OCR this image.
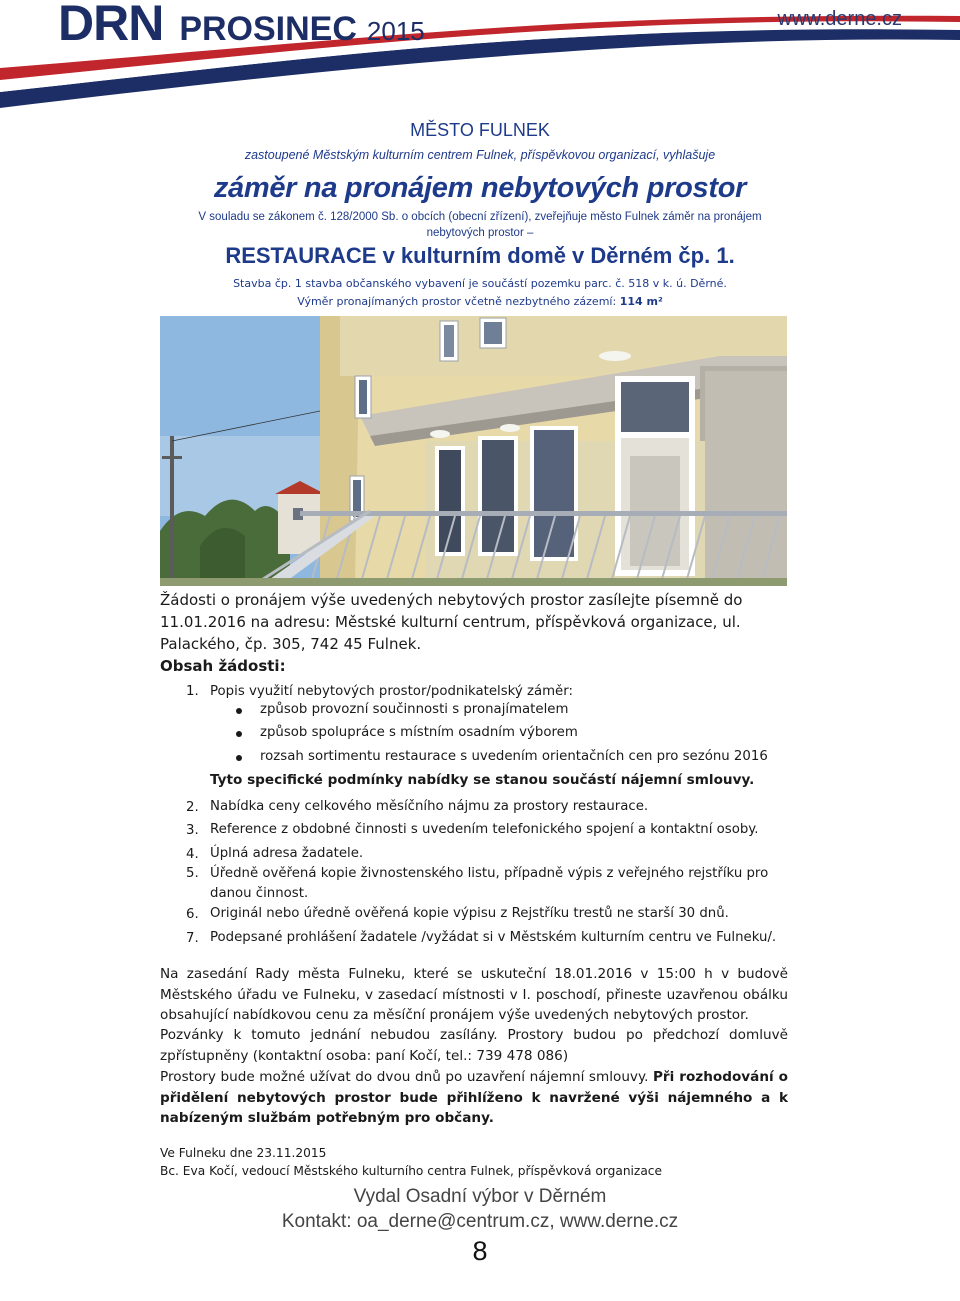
DRN PROSINEC 2015	www.derne.cz
MĚSTO FULNEK
zastoupené Městským kulturním centrem Fulnek, příspěvkovou organizací, vyhlašuje
záměr na pronájem nebytových prostor
V souladu se zákonem č. 128/2000 Sb. o obcích (obecní zřízení), zveřejňuje město Fulnek záměr na pronájem
nebytových prostor –
RESTAURACE v kulturním domě v Děrném čp. 1.
Stavba čp. 1 stavba občanského vybavení je součástí pozemku parc. č. 518 v k. ú. Děrné.
Výměr pronajímaných prostor včetně nezbytného zázemí: 114 m²
Žádosti o pronájem výše uvedených nebytových prostor zasílejte písemně do 11.01.2016 na adresu: Městské kulturní centrum, příspěvková organizace, ul. Palackého, čp. 305, 742 45 Fulnek.
Obsah žádosti:
1. Popis využití nebytových prostor/podnikatelský záměr:
způsob provozní součinnosti s pronajímatelem
způsob spolupráce s místním osadním výborem
rozsah sortimentu restaurace s uvedením orientačních cen pro sezónu 2016
Tyto specifické podmínky nabídky se stanou součástí nájemní smlouvy.
2. Nabídka ceny celkového měsíčního nájmu za prostory restaurace.
3. Reference z obdobné činnosti s uvedením telefonického spojení a kontaktní osoby.
4. Úplná adresa žadatele.
5. Úředně ověřená kopie živnostenského listu, případně výpis z veřejného rejstříku pro
danou činnost.
6. Originál nebo úředně ověřená kopie výpisu z Rejstříku trestů ne starší 30 dnů.
7. Podepsané prohlášení žadatele /vyžádat si v Městském kulturním centru ve Fulneku/.
Na zasedání Rady města Fulneku, které se uskuteční 18.01.2016 v 15:00 h v budově Městského úřadu ve Fulneku, v zasedací místnosti v I. poschodí, přineste uzavřenou obálku obsahující nabídkovou cenu za měsíční pronájem výše uvedených nebytových prostor.
Pozvánky k tomuto jednání nebudou zasílány. Prostory budou po předchozí domluvě zpřístupněny (kontaktní osoba: paní Kočí, tel.: 739 478 086)
Prostory bude možné užívat do dvou dnů po uzavření nájemní smlouvy. Při rozhodování o přidělení nebytových prostor bude přihlíženo k navržené výši nájemného a k nabízeným službám potřebným pro občany.
Ve Fulneku dne 23.11.2015
Bc. Eva Kočí, vedoucí Městského kulturního centra Fulnek, příspěvková organizace
Vydal Osadní výbor v Děrném
Kontakt: oa_derne@centrum.cz, www.derne.cz
8
